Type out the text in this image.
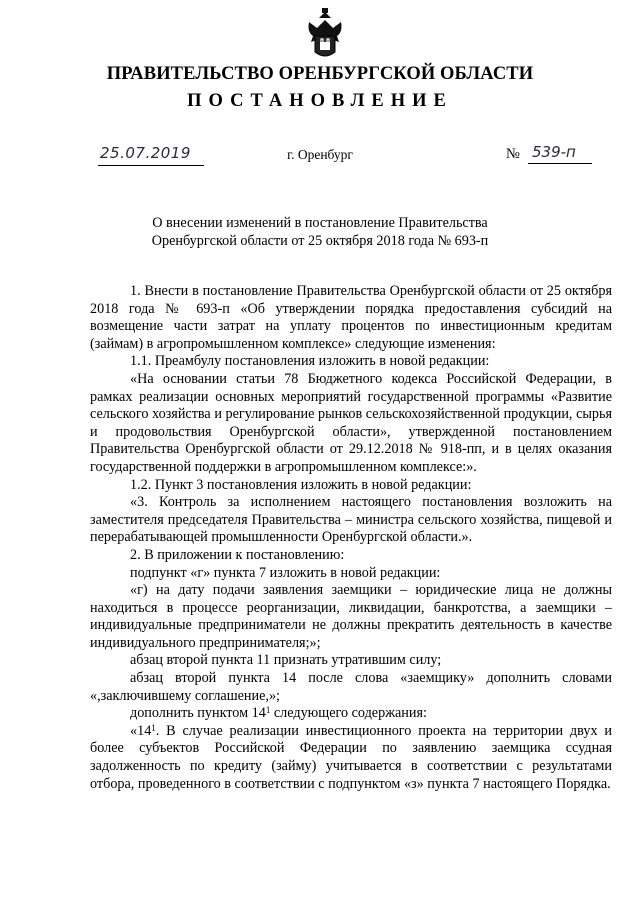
ПРАВИТЕЛЬСТВО ОРЕНБУРГСКОЙ ОБЛАСТИ
ПОСТАНОВЛЕНИЕ
25.07.2019	г. Оренбург	№ 539-п
О внесении изменений в постановление Правительства
Оренбургской области от 25 октября 2018 года № 693-п

1. Внести в постановление Правительства Оренбургской области от 25 октября 2018 года № 693-п «Об утверждении порядка предоставления субсидий на возмещение части затрат на уплату процентов по инвестиционным кредитам (займам) в агропромышленном комплексе» следующие изменения:

1.1. Преамбулу постановления изложить в новой редакции:

«На основании статьи 78 Бюджетного кодекса Российской Федерации, в рамках реализации основных мероприятий государственной программы «Развитие сельского хозяйства и регулирование рынков сельскохозяйственной продукции, сырья и продовольствия Оренбургской области», утвержденной постановлением Правительства Оренбургской области от 29.12.2018 № 918-пп, и в целях оказания государственной поддержки в агропромышленном комплексе:».

1.2. Пункт 3 постановления изложить в новой редакции:

«3. Контроль за исполнением настоящего постановления возложить на заместителя председателя Правительства – министра сельского хозяйства, пищевой и перерабатывающей промышленности Оренбургской области.».

2. В приложении к постановлению:

подпункт «г» пункта 7 изложить в новой редакции:

«г) на дату подачи заявления заемщики – юридические лица не должны находиться в процессе реорганизации, ликвидации, банкротства, а заемщики – индивидуальные предприниматели не должны прекратить деятельность в качестве индивидуального предпринимателя;»;

абзац второй пункта 11 признать утратившим силу;

абзац второй пункта 14 после слова «заемщику» дополнить словами «,заключившему соглашение,»;

дополнить пунктом $14^1$ следующего содержания:

«$14^1$. В случае реализации инвестиционного проекта на территории двух и более субъектов Российской Федерации по заявлению заемщика ссудная задолженность по кредиту (займу) учитывается в соответствии с результатами отбора, проведенного в соответствии с подпунктом «з» пункта 7 настоящего Порядка.
